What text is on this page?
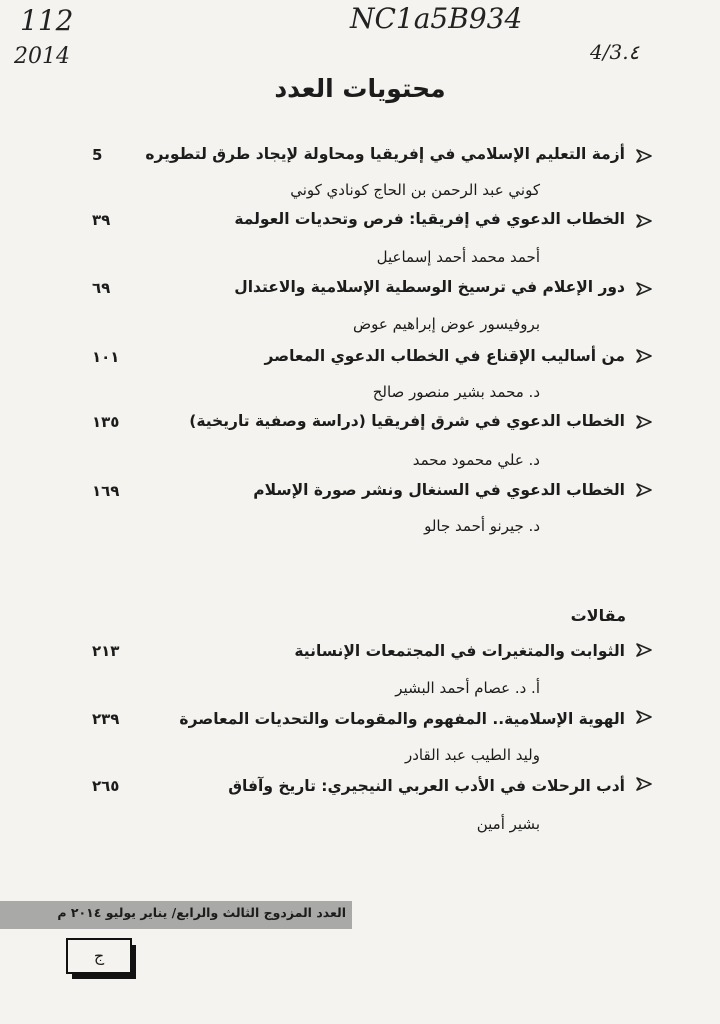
NC1a5B934
112
2014	4/3.٤
محتويات العدد
أزمة التعليم الإسلامي في إفريقيا ومحاولة لإيجاد طرق لتطويره
5
كوني عبد الرحمن بن الحاج كونادي كوني
الخطاب الدعوي في إفريقيا: فرص وتحديات العولمة
٣٩
أحمد محمد أحمد إسماعيل
دور الإعلام في ترسيخ الوسطية الإسلامية والاعتدال
٦٩
بروفيسور عوض إبراهيم عوض
من أساليب الإقناع في الخطاب الدعوي المعاصر
١٠١
د. محمد بشير منصور صالح
الخطاب الدعوي في شرق إفريقيا (دراسة وصفية تاريخية)
١٣٥
د. علي محمود محمد
الخطاب الدعوي في السنغال ونشر صورة الإسلام
١٦٩
د. جيرنو أحمد جالو
مقالات
الثوابت والمتغيرات في المجتمعات الإنسانية
٢١٣
أ. د. عصام أحمد البشير
الهوية الإسلامية.. المفهوم والمقومات والتحديات المعاصرة
٢٣٩
وليد الطيب عبد القادر
أدب الرحلات في الأدب العربي النيجيري: تاريخ وآفاق
٢٦٥
بشير أمين
العدد المزدوج الثالث والرابع/ يناير يوليو ٢٠١٤ م
ج
